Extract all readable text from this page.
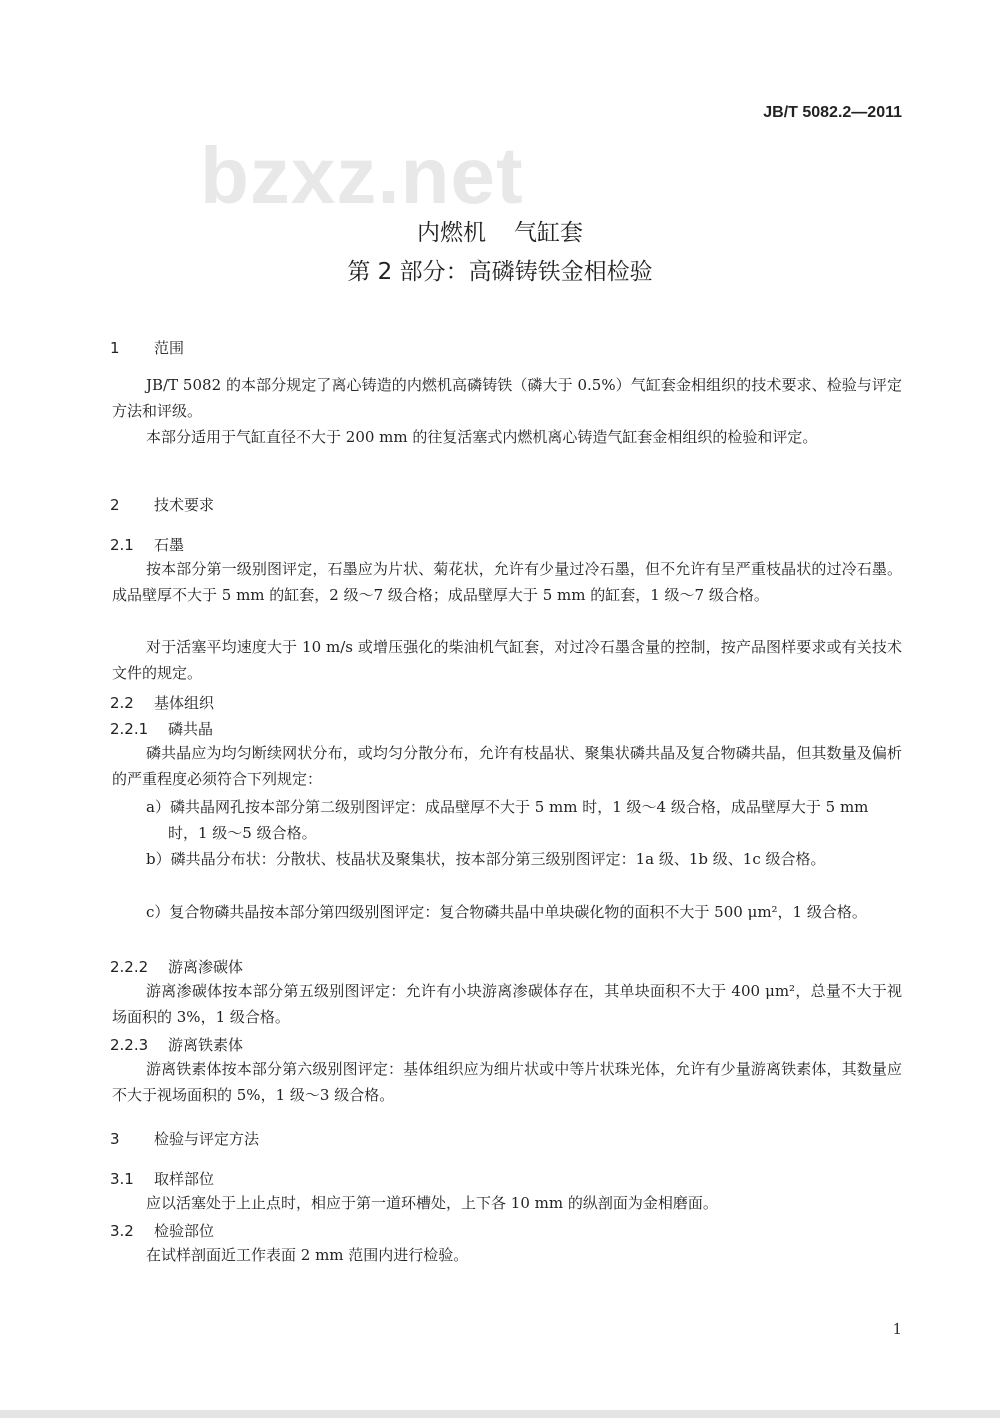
JB/T 5082.2—2011
bzxz.net
内燃机 气缸套
第 2 部分：高磷铸铁金相检验
1 范围
JB/T 5082 的本部分规定了离心铸造的内燃机高磷铸铁（磷大于 0.5%）气缸套金相组织的技术要求、检验与评定方法和评级。
本部分适用于气缸直径不大于 200 mm 的往复活塞式内燃机离心铸造气缸套金相组织的检验和评定。
2 技术要求
2.1 石墨
按本部分第一级别图评定，石墨应为片状、菊花状，允许有少量过冷石墨，但不允许有呈严重枝晶状的过冷石墨。成品壁厚不大于 5 mm 的缸套，2 级～7 级合格；成品壁厚大于 5 mm 的缸套，1 级～7 级合格。
对于活塞平均速度大于 10 m/s 或增压强化的柴油机气缸套，对过冷石墨含量的控制，按产品图样要求或有关技术文件的规定。
2.2 基体组织
2.2.1 磷共晶
磷共晶应为均匀断续网状分布，或均匀分散分布，允许有枝晶状、聚集状磷共晶及复合物磷共晶，但其数量及偏析的严重程度必须符合下列规定：
a）磷共晶网孔按本部分第二级别图评定：成品壁厚不大于 5 mm 时，1 级～4 级合格，成品壁厚大于 5 mm 时，1 级～5 级合格。
b）磷共晶分布状：分散状、枝晶状及聚集状，按本部分第三级别图评定：1a 级、1b 级、1c 级合格。
c）复合物磷共晶按本部分第四级别图评定：复合物磷共晶中单块碳化物的面积不大于 500 μm²，1 级合格。
2.2.2 游离渗碳体
游离渗碳体按本部分第五级别图评定：允许有小块游离渗碳体存在，其单块面积不大于 400 μm²，总量不大于视场面积的 3%，1 级合格。
2.2.3 游离铁素体
游离铁素体按本部分第六级别图评定：基体组织应为细片状或中等片状珠光体，允许有少量游离铁素体，其数量应不大于视场面积的 5%，1 级～3 级合格。
3 检验与评定方法
3.1 取样部位
应以活塞处于上止点时，相应于第一道环槽处，上下各 10 mm 的纵剖面为金相磨面。
3.2 检验部位
在试样剖面近工作表面 2 mm 范围内进行检验。
1
